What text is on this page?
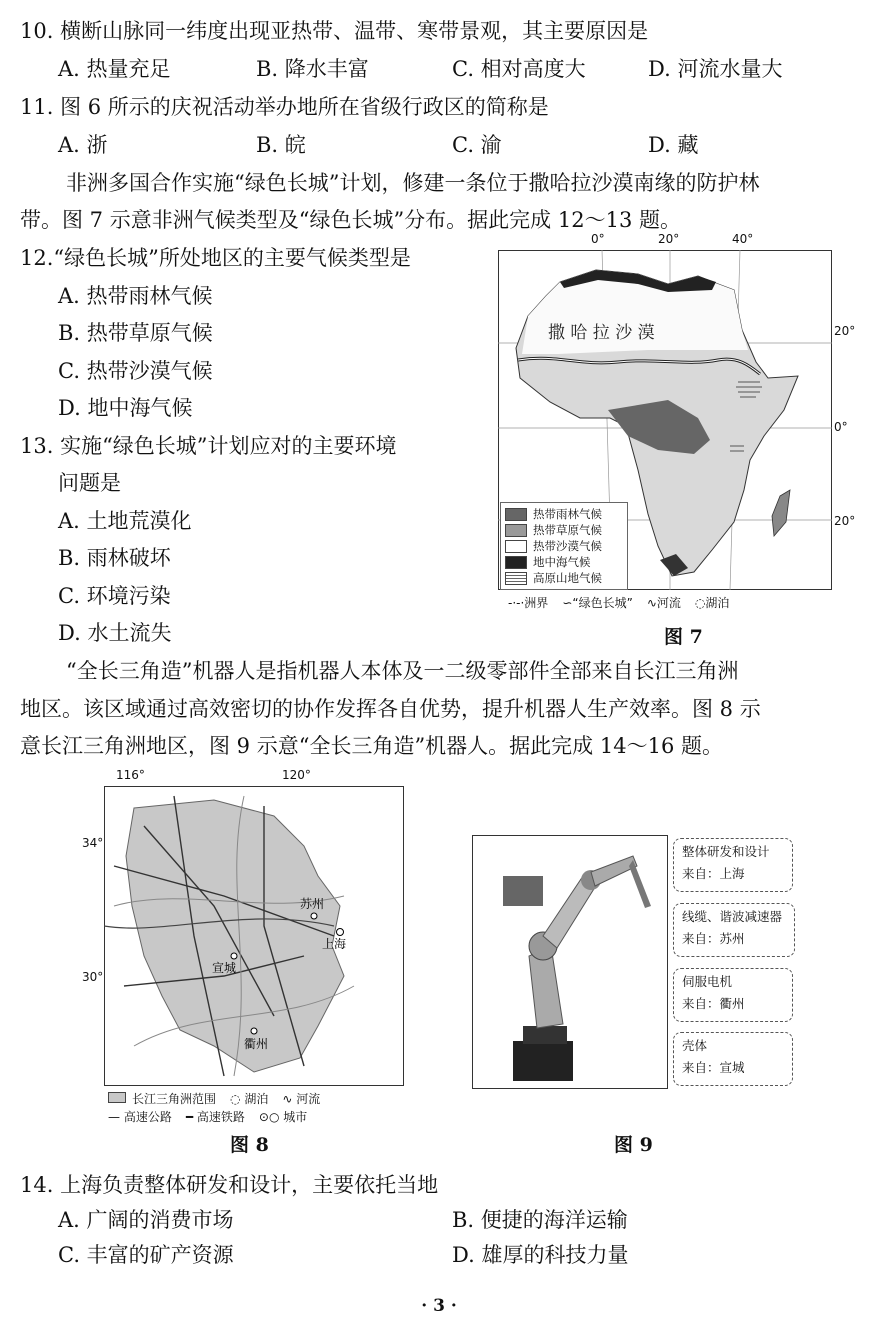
10. 横断山脉同一纬度出现亚热带、温带、寒带景观，其主要原因是
A. 热量充足	B. 降水丰富	C. 相对高度大	D. 河流水量大
11. 图 6 所示的庆祝活动举办地所在省级行政区的简称是
A. 浙	B. 皖	C. 渝	D. 藏
非洲多国合作实施“绿色长城”计划，修建一条位于撒哈拉沙漠南缘的防护林
带。图 7 示意非洲气候类型及“绿色长城”分布。据此完成 12～13 题。
12.“绿色长城”所处地区的主要气候类型是
A. 热带雨林气候
B. 热带草原气候
C. 热带沙漠气候
D. 地中海气候
13. 实施“绿色长城”计划应对的主要环境
问题是
A. 土地荒漠化
B. 雨林破坏
C. 环境污染
D. 水土流失
0°	20°	40°
20°
0°
20°
撒 哈 拉 沙 漠
热带雨林气候
热带草原气候
热带沙漠气候
地中海气候
高原山地气候
-·-·洲界 ∽“绿色长城” ∿河流 ◌湖泊
图 7
“全长三角造”机器人是指机器人本体及一二级零部件全部来自长江三角洲
地区。该区域通过高效密切的协作发挥各自优势，提升机器人生产效率。图 8 示
意长江三角洲地区，图 9 示意“全长三角造”机器人。据此完成 14～16 题。
116°	120°
34°
30°
苏州
上海
宣城
衢州
长江三角洲范围 ◌ 湖泊 ∿ 河流
— 高速公路 ━ 高速铁路 ⊙○ 城市
图 8
整体研发和设计
来自：上海
线缆、谐波减速器
来自：苏州
伺服电机
来自：衢州
壳体
来自：宣城
图 9
14. 上海负责整体研发和设计，主要依托当地
A. 广阔的消费市场	B. 便捷的海洋运输
C. 丰富的矿产资源	D. 雄厚的科技力量
· 3 ·
